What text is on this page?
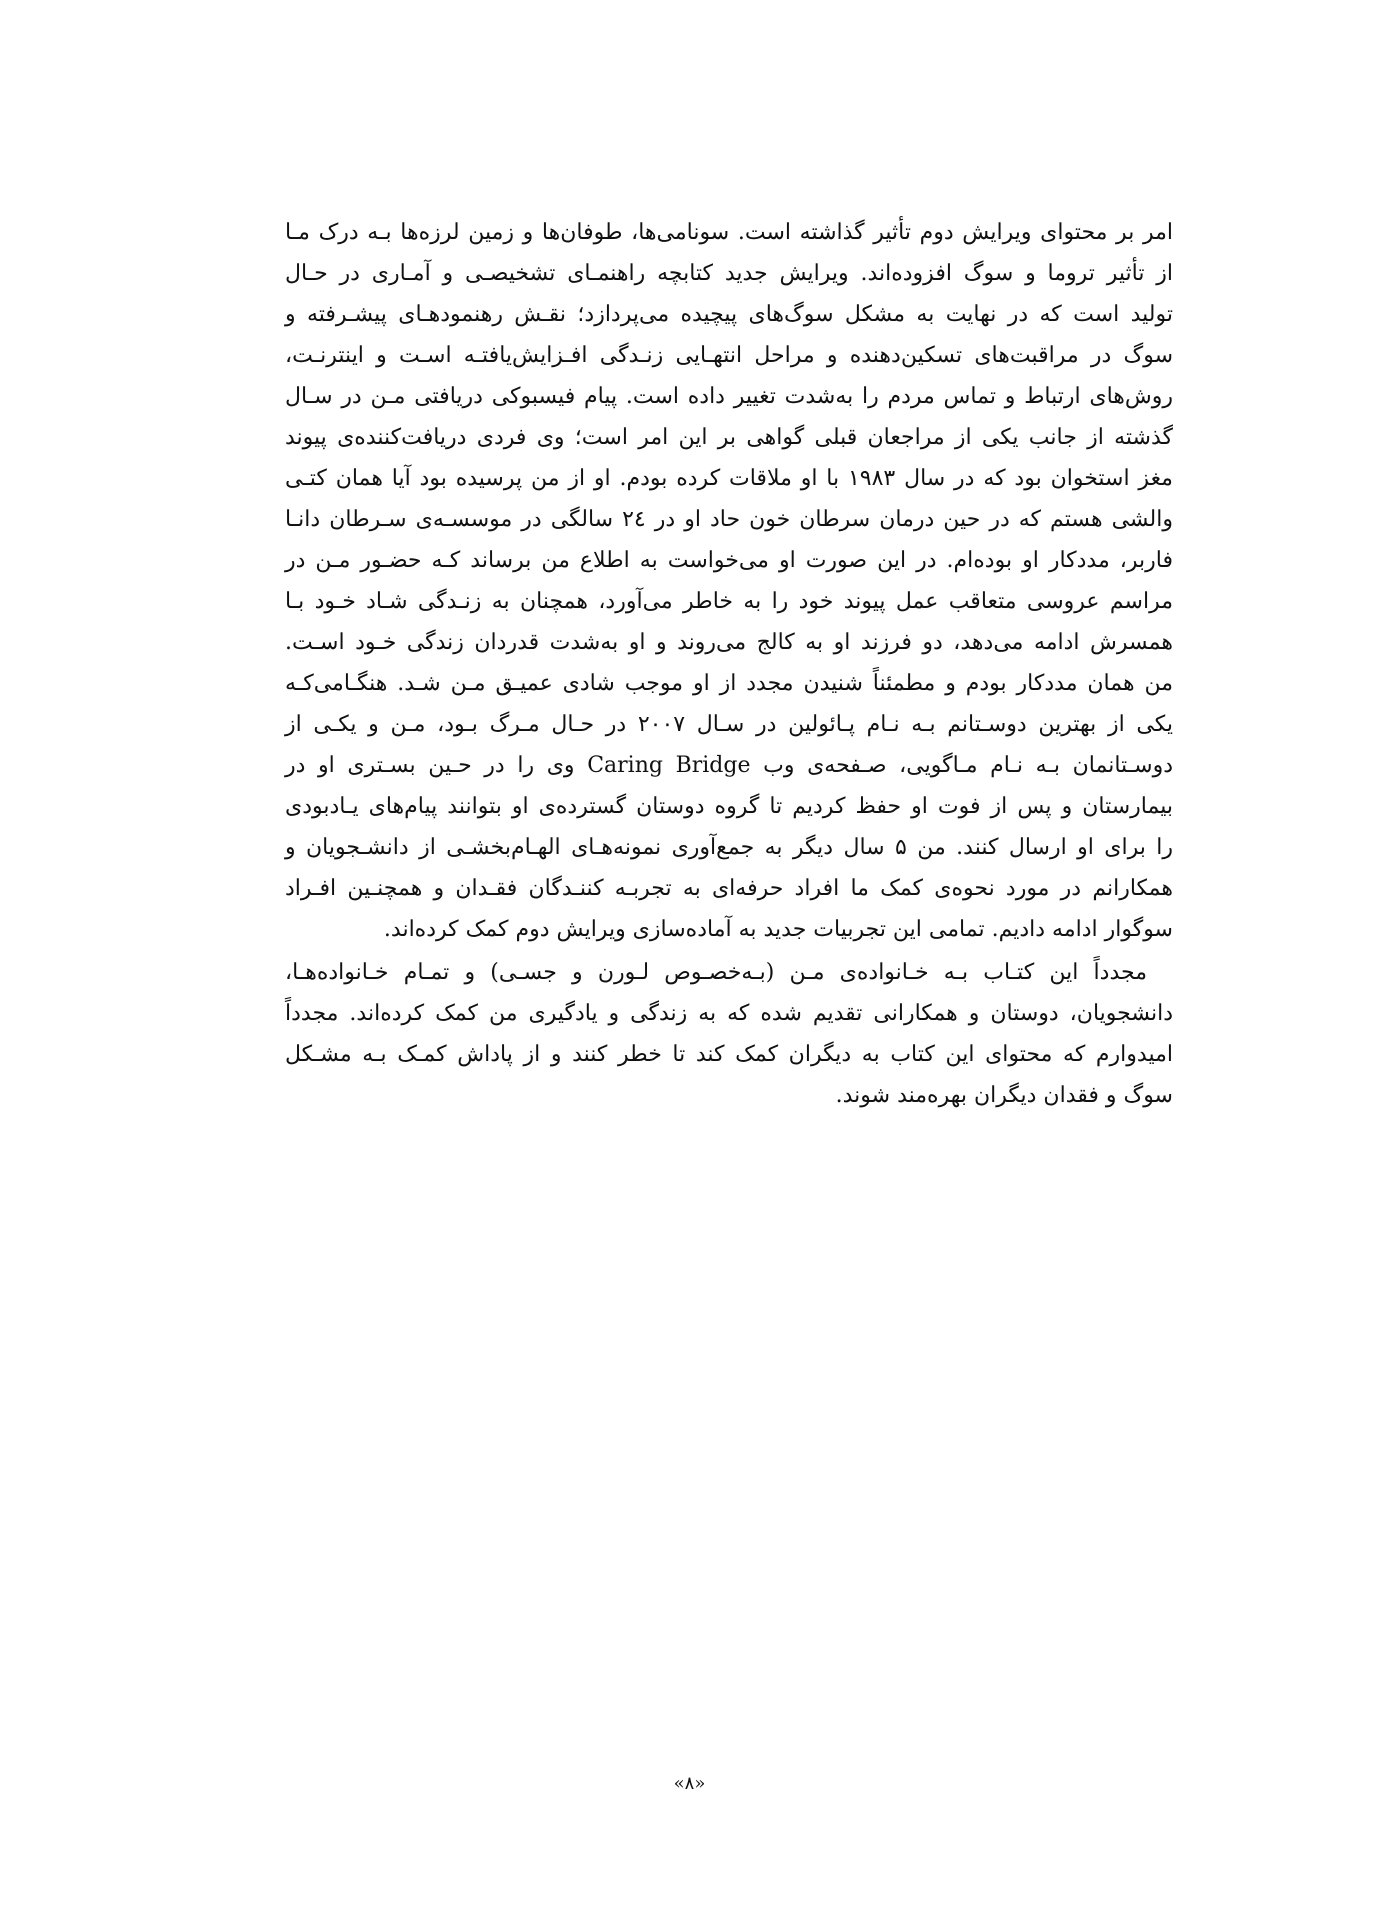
امر بر محتوای ویرایش دوم تأثیر گذاشته است. سونامی‌ها، طوفان‌ها و زمین لرزه‌ها بـه درک مـا
از تأثیر تروما و سوگ افزوده‌اند. ویرایش جدید کتابچه راهنمـای تشخیصـی و آمـاری در حـال
تولید است که در نهایت به مشکل سوگ‌های پیچیده می‌پردازد؛ نقـش رهنمودهـای پیشـرفته و
سوگ در مراقبت‌های تسکین‌دهنده و مراحل انتهـایی زنـدگی افـزایش‌یافتـه اسـت و اینترنـت،
روش‌های ارتباط و تماس مردم را به‌شدت تغییر داده است. پیام فیسبوکی دریافتی مـن در سـال
گذشته از جانب یکی از مراجعان قبلی گواهی بر این امر است؛ وی فردی دریافت‌کننده‌ی پیوند
مغز استخوان بود که در سال ۱۹۸۳ با او ملاقات کرده بودم. او از من پرسیده بود آیا همان کتـی
والشی هستم که در حین درمان سرطان خون حاد او در ٢٤ سالگی در موسسـه‌ی سـرطان دانـا
فاربر، مددکار او بوده‌ام. در این صورت او می‌خواست به اطلاع من برساند کـه حضـور مـن در
مراسم عروسی متعاقب عمل پیوند خود را به خاطر می‌آورد، همچنان به زنـدگی شـاد خـود بـا
همسرش ادامه می‌دهد، دو فرزند او به کالج می‌روند و او به‌شدت قدردان زندگی خـود اسـت.
من همان مددکار بودم و مطمئناً شنیدن مجدد از او موجب شادی عمیـق مـن شـد. هنگـامی‌کـه
یکی از بهترین دوسـتانم بـه نـام پـائولین در سـال ۲۰۰۷ در حـال مـرگ بـود، مـن و یکـی از
دوسـتانمان بـه نـام مـاگویی، صـفحه‌ی وب Caring Bridge وی را در حـین بسـتری او در
بیمارستان و پس از فوت او حفظ کردیم تا گروه دوستان گسترده‌ی او بتوانند پیام‌های یـادبودی
را برای او ارسال کنند. من ۵ سال دیگر به جمع‌آوری نمونه‌هـای الهـام‌بخشـی از دانشـجویان و
همکارانم در مورد نحوه‌ی کمک ما افراد حرفه‌ای به تجربـه کننـدگان فقـدان و همچنـین افـراد
سوگوار ادامه دادیم. تمامی این تجربیات جدید به آماده‌سازی ویرایش دوم کمک کرده‌اند.
مجدداً این کتـاب بـه خـانواده‌ی مـن (بـه‌خصـوص لـورن و جسـی) و تمـام خـانواده‌هـا،
دانشجویان، دوستان و همکارانی تقدیم شده که به زندگی و یادگیری من کمک کرده‌اند. مجدداً
امیدوارم که محتوای این کتاب به دیگران کمک کند تا خطر کنند و از پاداش کمـک بـه مشـکل
سوگ و فقدان دیگران بهره‌مند شوند.
«۸»
